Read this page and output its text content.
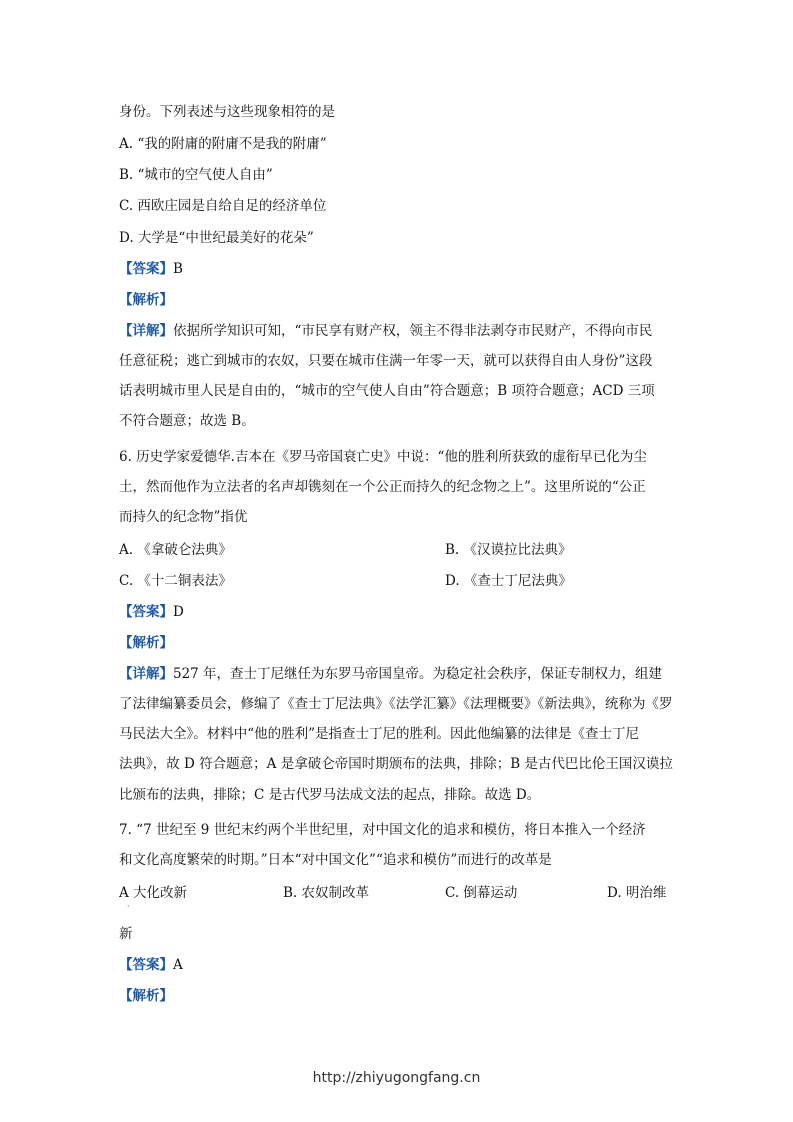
身份。下列表述与这些现象相符的是
A. “我的附庸的附庸不是我的附庸”
B. “城市的空气使人自由”
C. 西欧庄园是自给自足的经济单位
D. 大学是“中世纪最美好的花朵”
【答案】B
【解析】
【详解】依据所学知识可知，“市民享有财产权，领主不得非法剥夺市民财产，不得向市民
任意征税；逃亡到城市的农奴，只要在城市住满一年零一天，就可以获得自由人身份”这段
话表明城市里人民是自由的，“城市的空气使人自由”符合题意；B 项符合题意；ACD 三项
不符合题意；故选 B。
6. 历史学家爱德华.吉本在《罗马帝国衰亡史》中说：“他的胜利所获致的虚衔早已化为尘
土，然而他作为立法者的名声却镌刻在一个公正而持久的纪念物之上”。这里所说的“公正
而持久的纪念物”指优
A. 《拿破仑法典》	B. 《汉谟拉比法典》
C. 《十二铜表法》	D. 《查士丁尼法典》
【答案】D
【解析】
【详解】527 年，查士丁尼继任为东罗马帝国皇帝。为稳定社会秩序，保证专制权力，组建
了法律编纂委员会，修编了《查士丁尼法典》《法学汇纂》《法理概要》《新法典》，统称为《罗
马民法大全》。材料中“他的胜利”是指查士丁尼的胜利。因此他编纂的法律是《查士丁尼
法典》，故 D 符合题意；A 是拿破仑帝国时期颁布的法典，排除；B 是古代巴比伦王国汉谟拉
比颁布的法典，排除；C 是古代罗马法成文法的起点，排除。故选 D。
7. “7 世纪至 9 世纪末约两个半世纪里，对中国文化的追求和模仿，将日本推入一个经济
和文化高度繁荣的时期。”日本“对中国文化”“追求和模仿”而进行的改革是
A 大化改新	B. 农奴制改革	C. 倒幕运动	D. 明治维
·
新
【答案】A
【解析】
http://zhiyugongfang.cn
